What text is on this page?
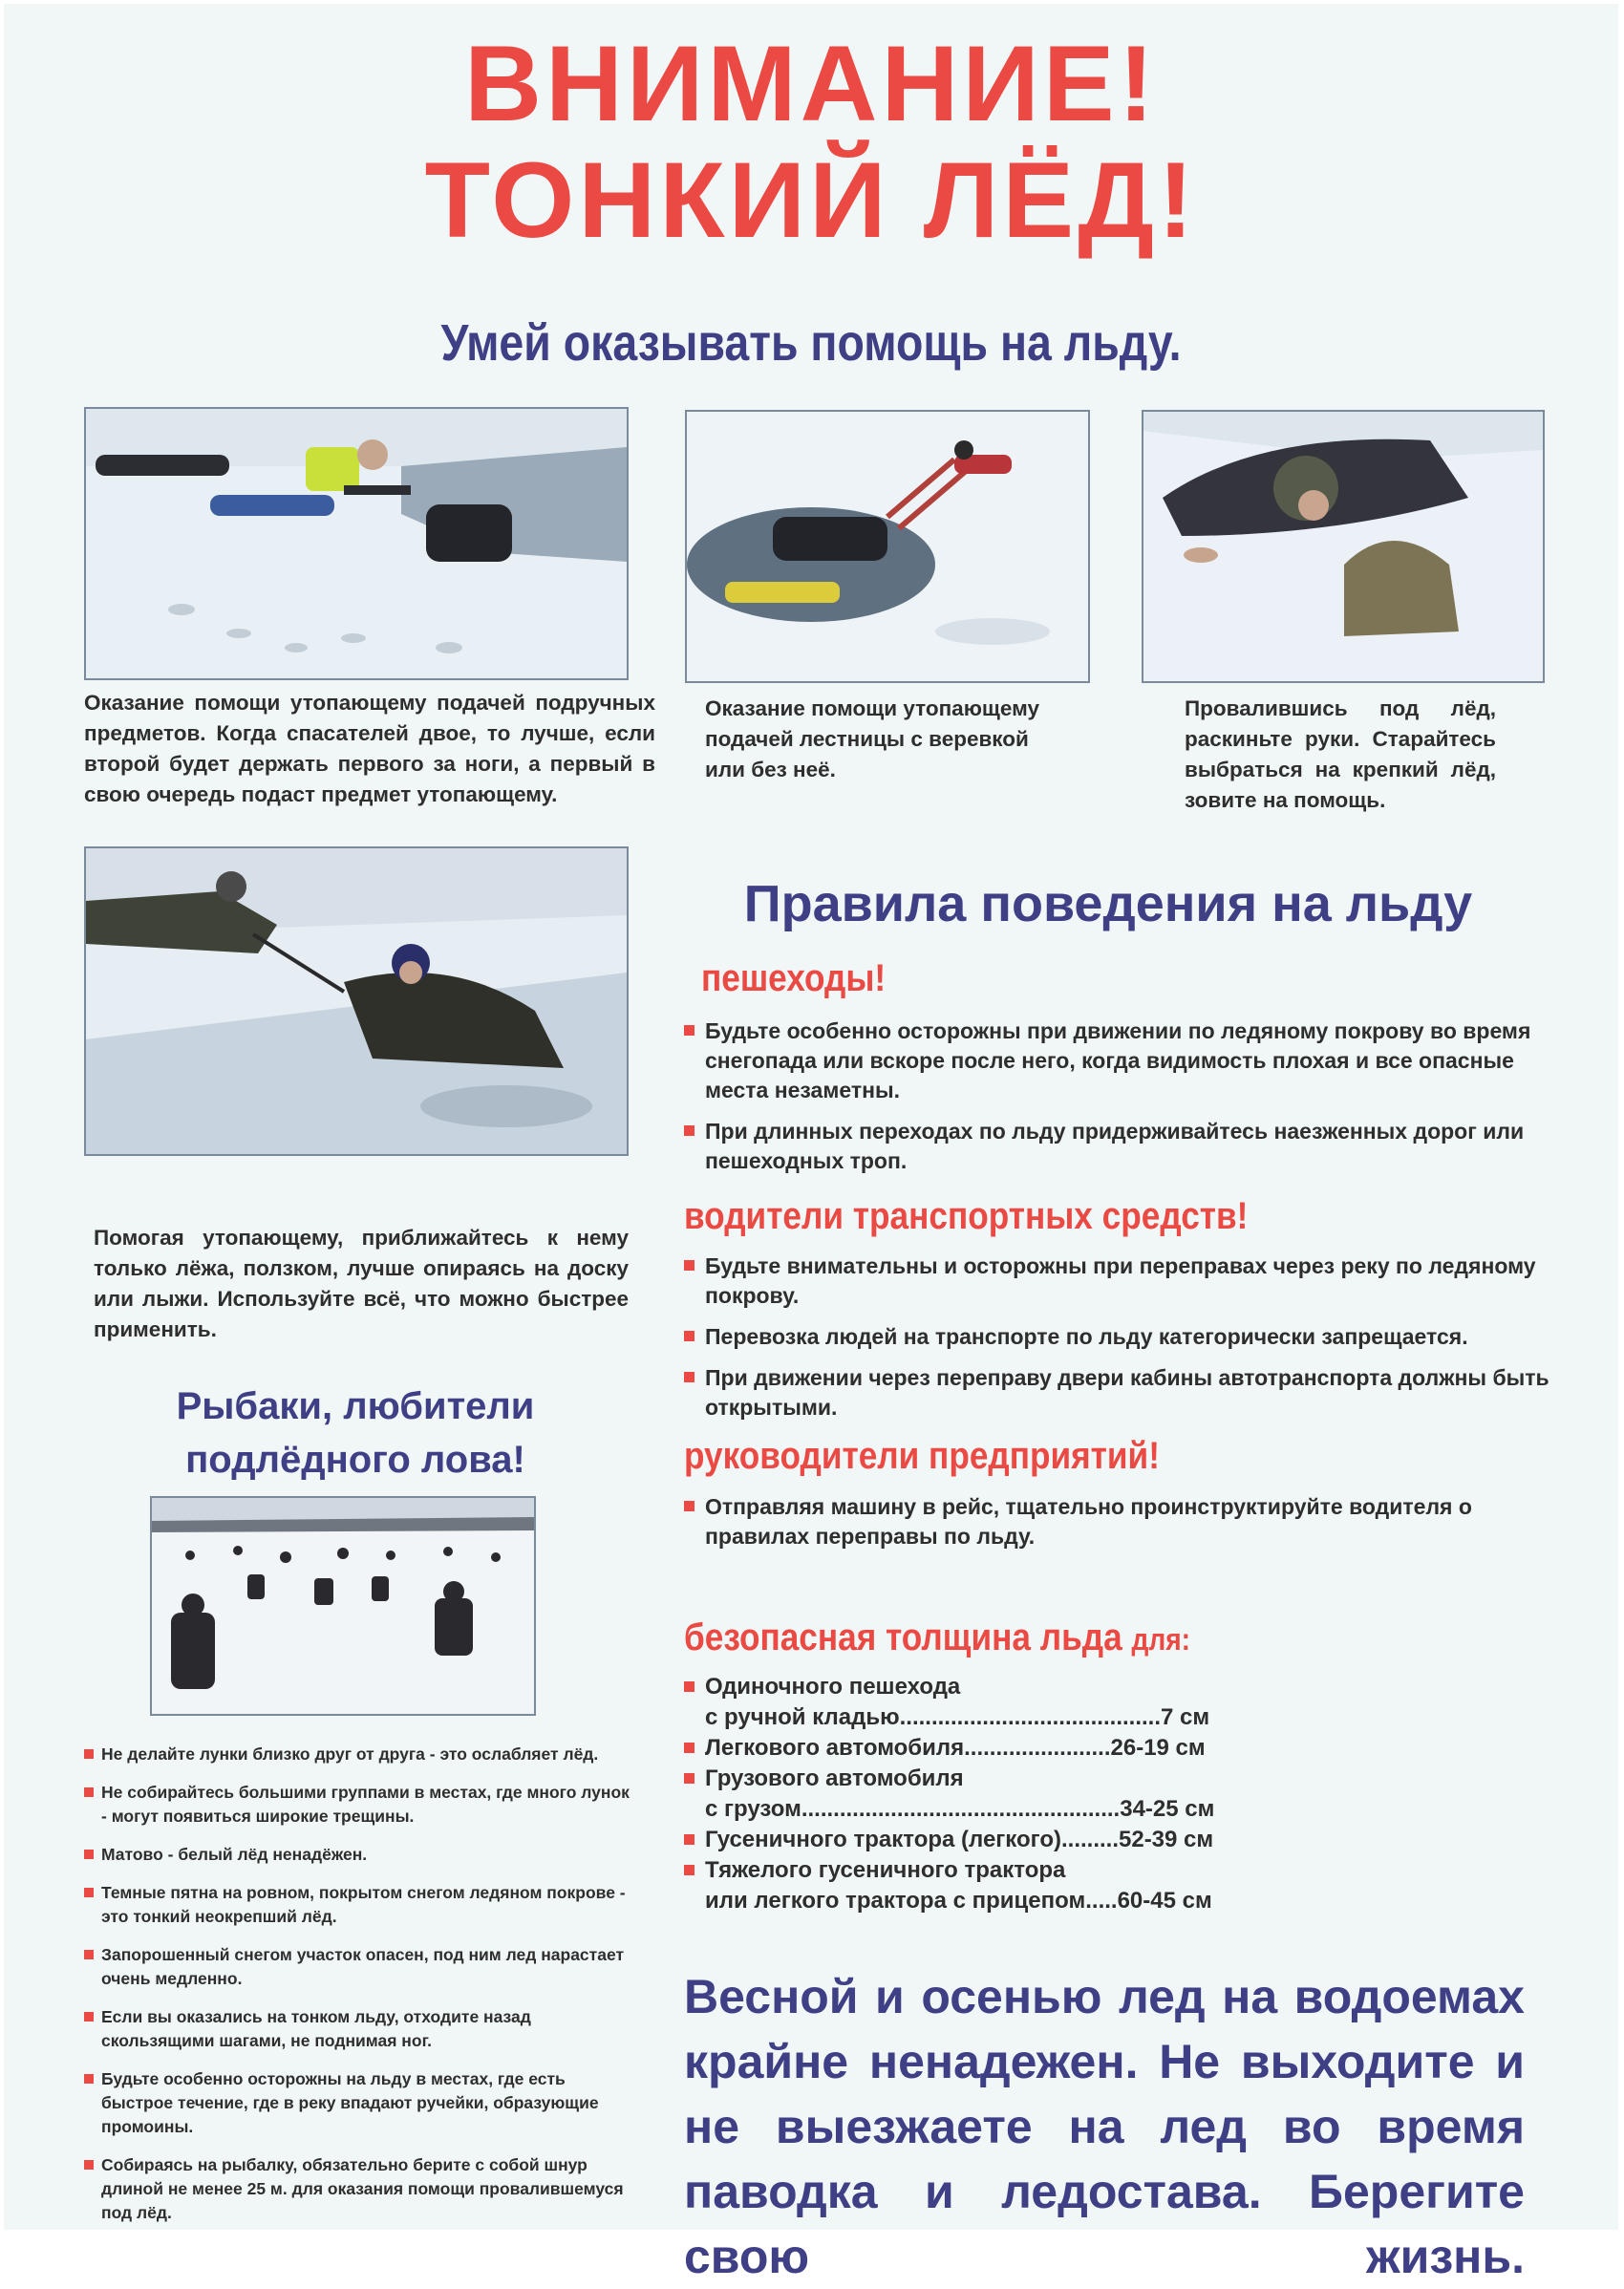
ВНИМАНИЕ!
ТОНКИЙ ЛЁД!
Умей оказывать помощь на льду.
Оказание помощи утопающему подачей подручных предметов. Когда спасателей двое, то лучше, если второй будет держать первого за ноги, а первый в свою очередь подаст предмет утопающему.
Оказание помощи утопающему подачей лестницы с веревкой или без неё.
Провалившись под лёд, раскиньте руки. Старайтесь выбраться на крепкий лёд, зовите на помощь.
Помогая утопающему, приближайтесь к нему только лёжа, ползком, лучше опираясь на доску или лыжи. Используйте всё, что можно быстрее применить.
Рыбаки, любители
подлёдного лова!
Не делайте лунки близко друг от друга - это ослабляет лёд.
Не собирайтесь большими группами в местах, где много лунок - могут появиться широкие трещины.
Матово - белый лёд ненадёжен.
Темные пятна на ровном, покрытом снегом ледяном покрове - это тонкий неокрепший лёд.
Запорошенный снегом участок опасен, под ним лед нарастает очень медленно.
Если вы оказались на тонком льду, отходите назад скользящими шагами, не поднимая ног.
Будьте особенно осторожны на льду в местах, где есть быстрое течение, где в реку впадают ручейки, образующие промоины.
Собираясь на рыбалку, обязательно берите с собой шнур длиной не менее 25 м. для оказания помощи провалившемуся под лёд.
Правила поведения на льду
пешеходы!
Будьте особенно осторожны при движении по ледяному покрову во время снегопада или вскоре после него, когда видимость плохая и все опасные места незаметны.
При длинных переходах по льду придерживайтесь наезженных дорог или пешеходных троп.
водители транспортных средств!
Будьте внимательны и осторожны при переправах через реку по ледяному покрову.
Перевозка людей на транспорте по льду категорически запрещается.
При движении через переправу двери кабины автотранспорта должны быть открытыми.
руководители предприятий!
Отправляя машину в рейс, тщательно проинструктируйте водителя о правилах переправы по льду.
безопасная толщина льда для:
Одиночного пешехода
с ручной кладью.........................................7 см
Легкового автомобиля.......................26-19 см
Грузового автомобиля
с грузом..................................................34-25 см
Гусеничного трактора (легкого).........52-39 см
Тяжелого гусеничного трактора
или легкого трактора с прицепом.....60-45 см
Весной и осенью лед на водоемах крайне ненадежен. Не выходите и не выезжаете на лед во время паводка и ледостава. Берегите свою жизнь.
